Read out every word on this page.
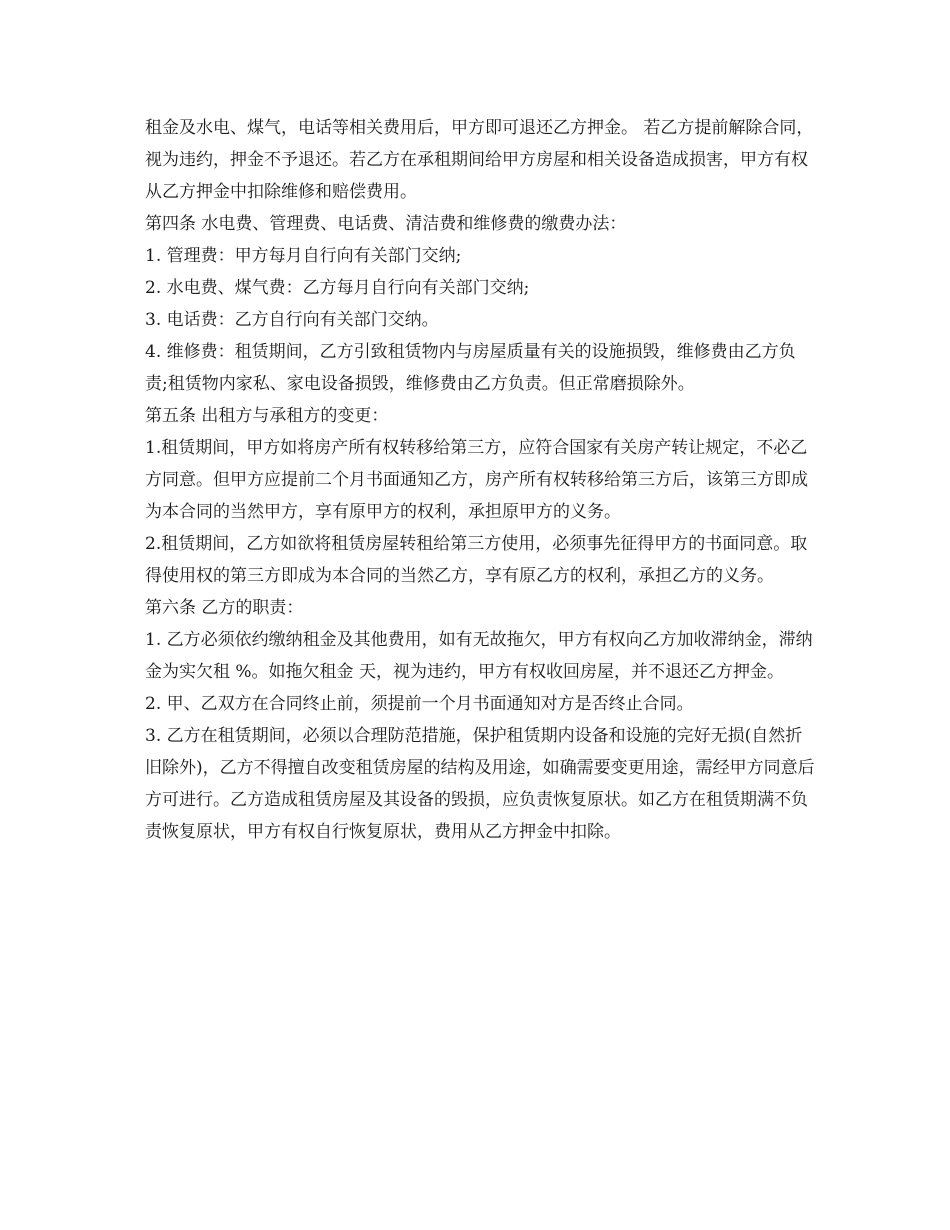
租金及水电、煤气，电话等相关费用后，甲方即可退还乙方押金。 若乙方提前解除合同，视为违约，押金不予退还。若乙方在承租期间给甲方房屋和相关设备造成损害，甲方有权从乙方押金中扣除维修和赔偿费用。

第四条 水电费、管理费、电话费、清洁费和维修费的缴费办法：

1. 管理费：甲方每月自行向有关部门交纳;

2. 水电费、煤气费：乙方每月自行向有关部门交纳;

3. 电话费：乙方自行向有关部门交纳。

4. 维修费：租赁期间，乙方引致租赁物内与房屋质量有关的设施损毁，维修费由乙方负责;租赁物内家私、家电设备损毁，维修费由乙方负责。但正常磨损除外。

第五条 出租方与承租方的变更：

1.租赁期间，甲方如将房产所有权转移给第三方，应符合国家有关房产转让规定，不必乙方同意。但甲方应提前二个月书面通知乙方，房产所有权转移给第三方后，该第三方即成为本合同的当然甲方，享有原甲方的权利，承担原甲方的义务。

2.租赁期间，乙方如欲将租赁房屋转租给第三方使用，必须事先征得甲方的书面同意。取得使用权的第三方即成为本合同的当然乙方，享有原乙方的权利，承担乙方的义务。

第六条 乙方的职责：

1. 乙方必须依约缴纳租金及其他费用，如有无故拖欠，甲方有权向乙方加收滞纳金，滞纳金为实欠租 %。如拖欠租金 天，视为违约，甲方有权收回房屋，并不退还乙方押金。

2. 甲、乙双方在合同终止前，须提前一个月书面通知对方是否终止合同。

3. 乙方在租赁期间，必须以合理防范措施，保护租赁期内设备和设施的完好无损(自然折旧除外)，乙方不得擅自改变租赁房屋的结构及用途，如确需要变更用途，需经甲方同意后方可进行。乙方造成租赁房屋及其设备的毁损，应负责恢复原状。如乙方在租赁期满不负责恢复原状，甲方有权自行恢复原状，费用从乙方押金中扣除。
